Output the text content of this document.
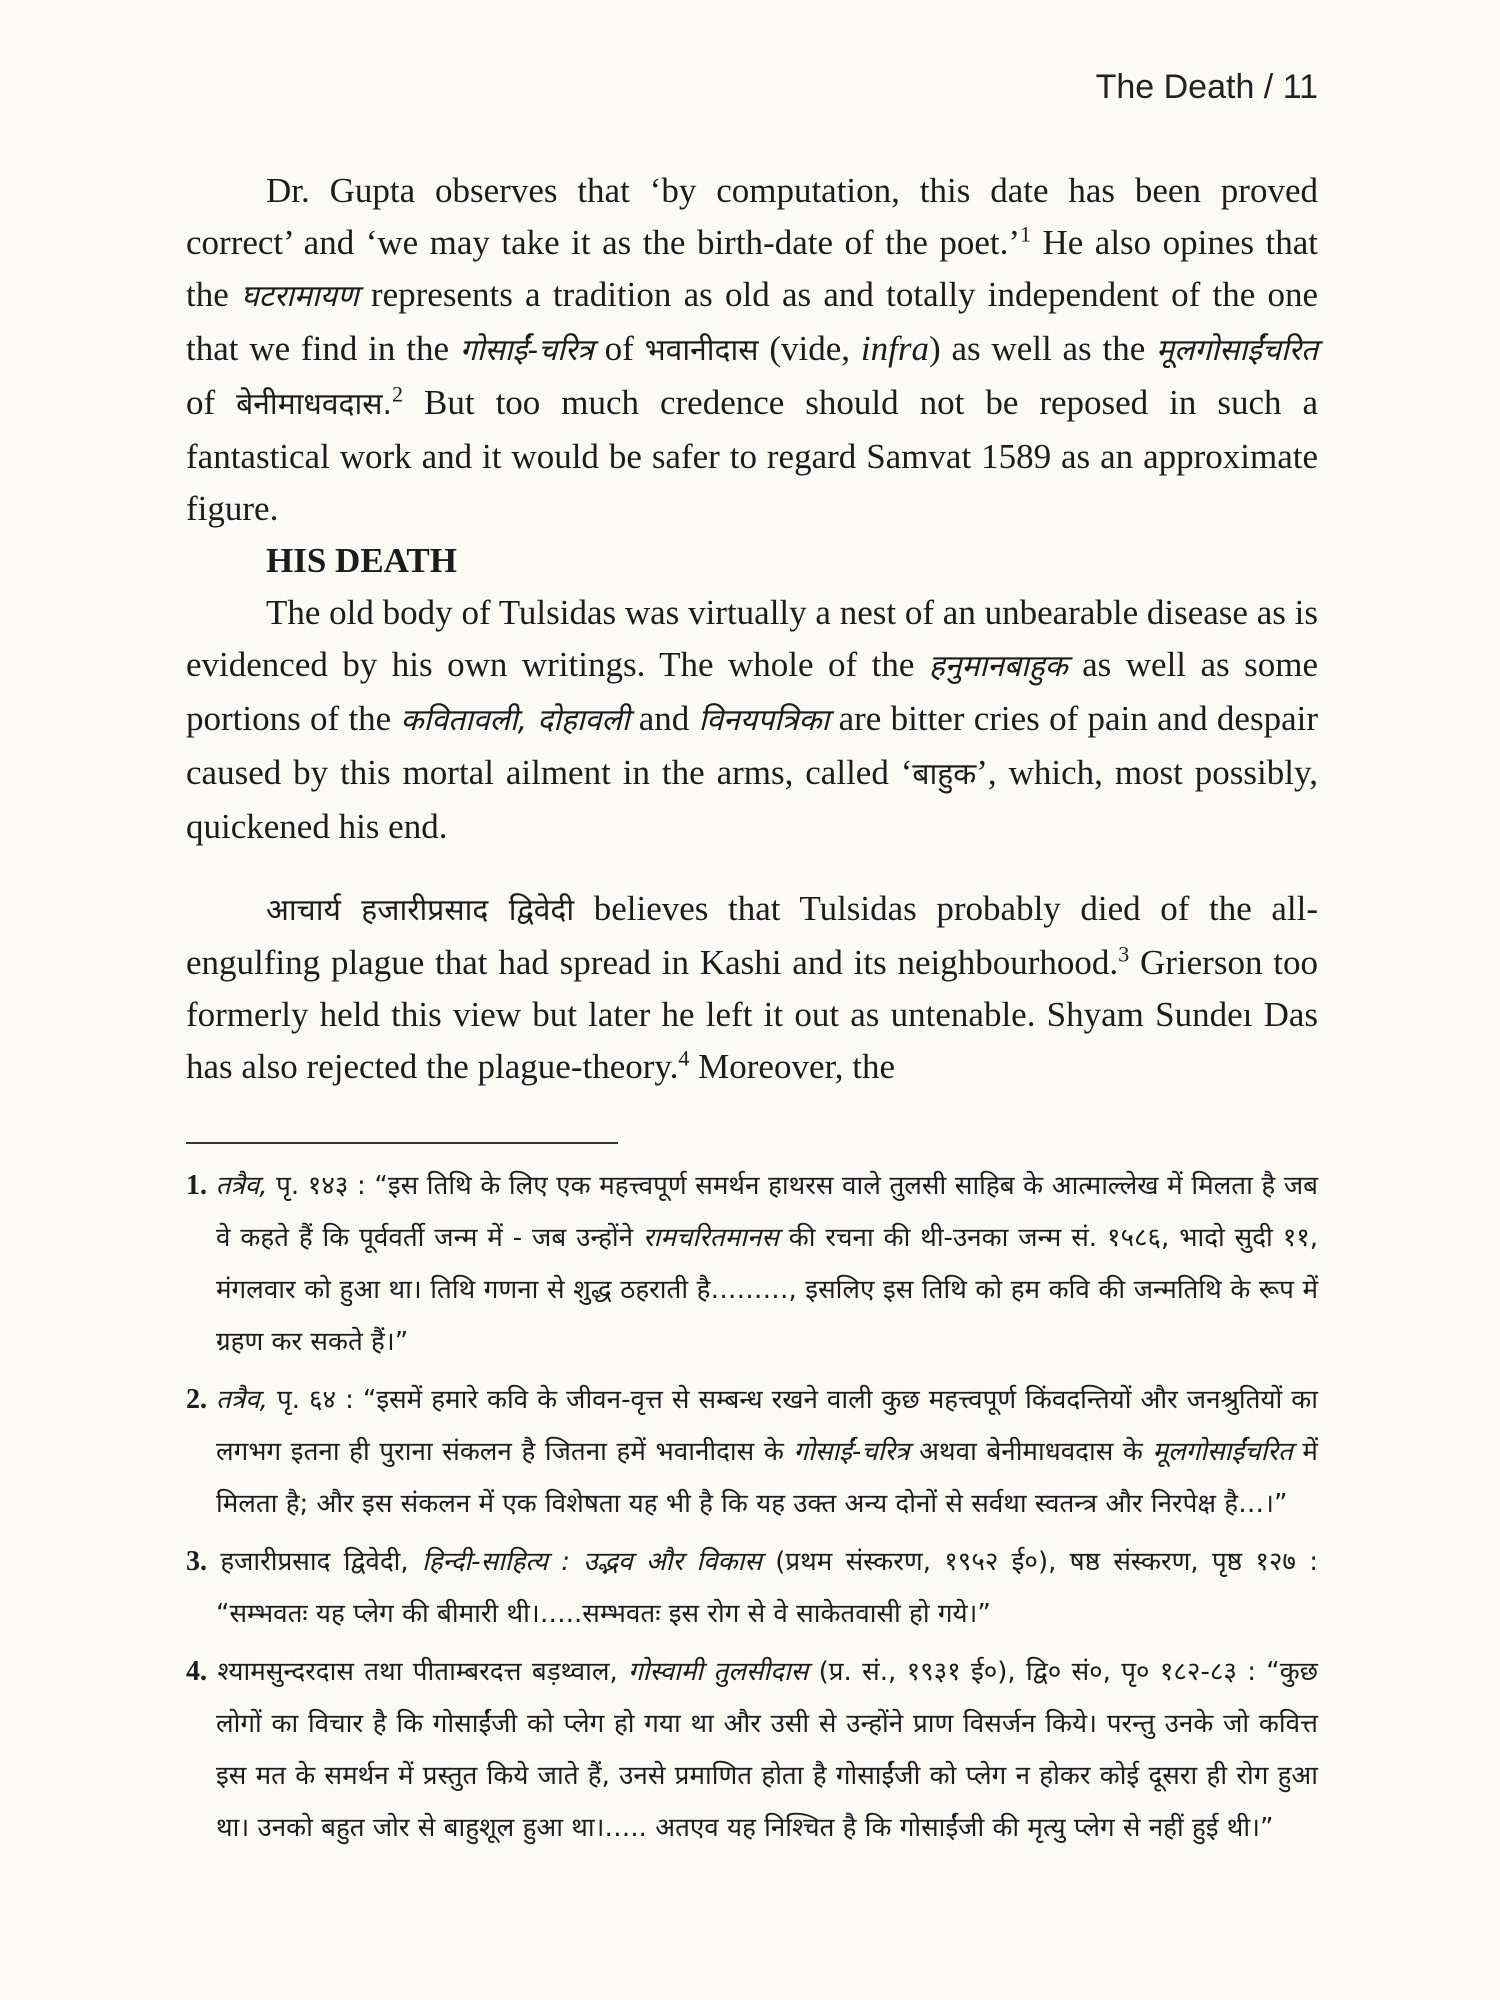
The Death / 11

Dr. Gupta observes that ‘by computation, this date has been proved correct’ and ‘we may take it as the birth-date of the poet.’$^1$ He also opines that the घटरामायण represents a tradition as old as and totally independent of the one that we find in the गोसाईं-चरित्र of भवानीदास (vide, infra) as well as the मूलगोसाईंचरित of बेनीमाधवदास.$^2$ But too much credence should not be reposed in such a fantastical work and it would be safer to regard Samvat 1589 as an approximate figure.

HIS DEATH

The old body of Tulsidas was virtually a nest of an unbearable disease as is evidenced by his own writings. The whole of the हनुमानबाहुक as well as some portions of the कवितावली, दोहावली and विनयपत्रिका are bitter cries of pain and despair caused by this mortal ailment in the arms, called ‘बाहुक’, which, most possibly, quickened his end.

आचार्य हजारीप्रसाद द्विवेदी believes that Tulsidas probably died of the all-engulfing plague that had spread in Kashi and its neighbourhood.$^3$ Grierson too formerly held this view but later he left it out as untenable. Shyam Sundeı Das has also rejected the plague-theory.$^4$ Moreover, the

1. तत्रैव, पृ. १४३ : “इस तिथि के लिए एक महत्त्वपूर्ण समर्थन हाथरस वाले तुलसी साहिब के आत्माल्लेख में मिलता है जब वे कहते हैं कि पूर्ववर्ती जन्म में - जब उन्होंने रामचरितमानस की रचना की थी-उनका जन्म सं. १५८६, भादो सुदी ११, मंगलवार को हुआ था। तिथि गणना से शुद्ध ठहराती है………, इसलिए इस तिथि को हम कवि की जन्मतिथि के रूप में ग्रहण कर सकते हैं।”

2. तत्रैव, पृ. ६४ : “इसमें हमारे कवि के जीवन-वृत्त से सम्बन्ध रखने वाली कुछ महत्त्वपूर्ण किंवदन्तियों और जनश्रुतियों का लगभग इतना ही पुराना संकलन है जितना हमें भवानीदास के गोसाईं-चरित्र अथवा बेनीमाधवदास के मूलगोसाईंचरित में मिलता है; और इस संकलन में एक विशेषता यह भी है कि यह उक्त अन्य दोनों से सर्वथा स्वतन्त्र और निरपेक्ष है…।”

3. हजारीप्रसाद द्विवेदी, हिन्दी-साहित्य : उद्भव और विकास (प्रथम संस्करण, १९५२ ई०), षष्ठ संस्करण, पृष्ठ १२७ : “सम्भवतः यह प्लेग की बीमारी थी।…..सम्भवतः इस रोग से वे साकेतवासी हो गये।”

4. श्यामसुन्दरदास तथा पीताम्बरदत्त बड़थ्वाल, गोस्वामी तुलसीदास (प्र. सं., १९३१ ई०), द्वि० सं०, पृ० १८२-८३ : “कुछ लोगों का विचार है कि गोसाईंजी को प्लेग हो गया था और उसी से उन्होंने प्राण विसर्जन किये। परन्तु उनके जो कवित्त इस मत के समर्थन में प्रस्तुत किये जाते हैं, उनसे प्रमाणित होता है गोसाईंजी को प्लेग न होकर कोई दूसरा ही रोग हुआ था। उनको बहुत जोर से बाहुशूल हुआ था।….. अतएव यह निश्चित है कि गोसाईंजी की मृत्यु प्लेग से नहीं हुई थी।”
